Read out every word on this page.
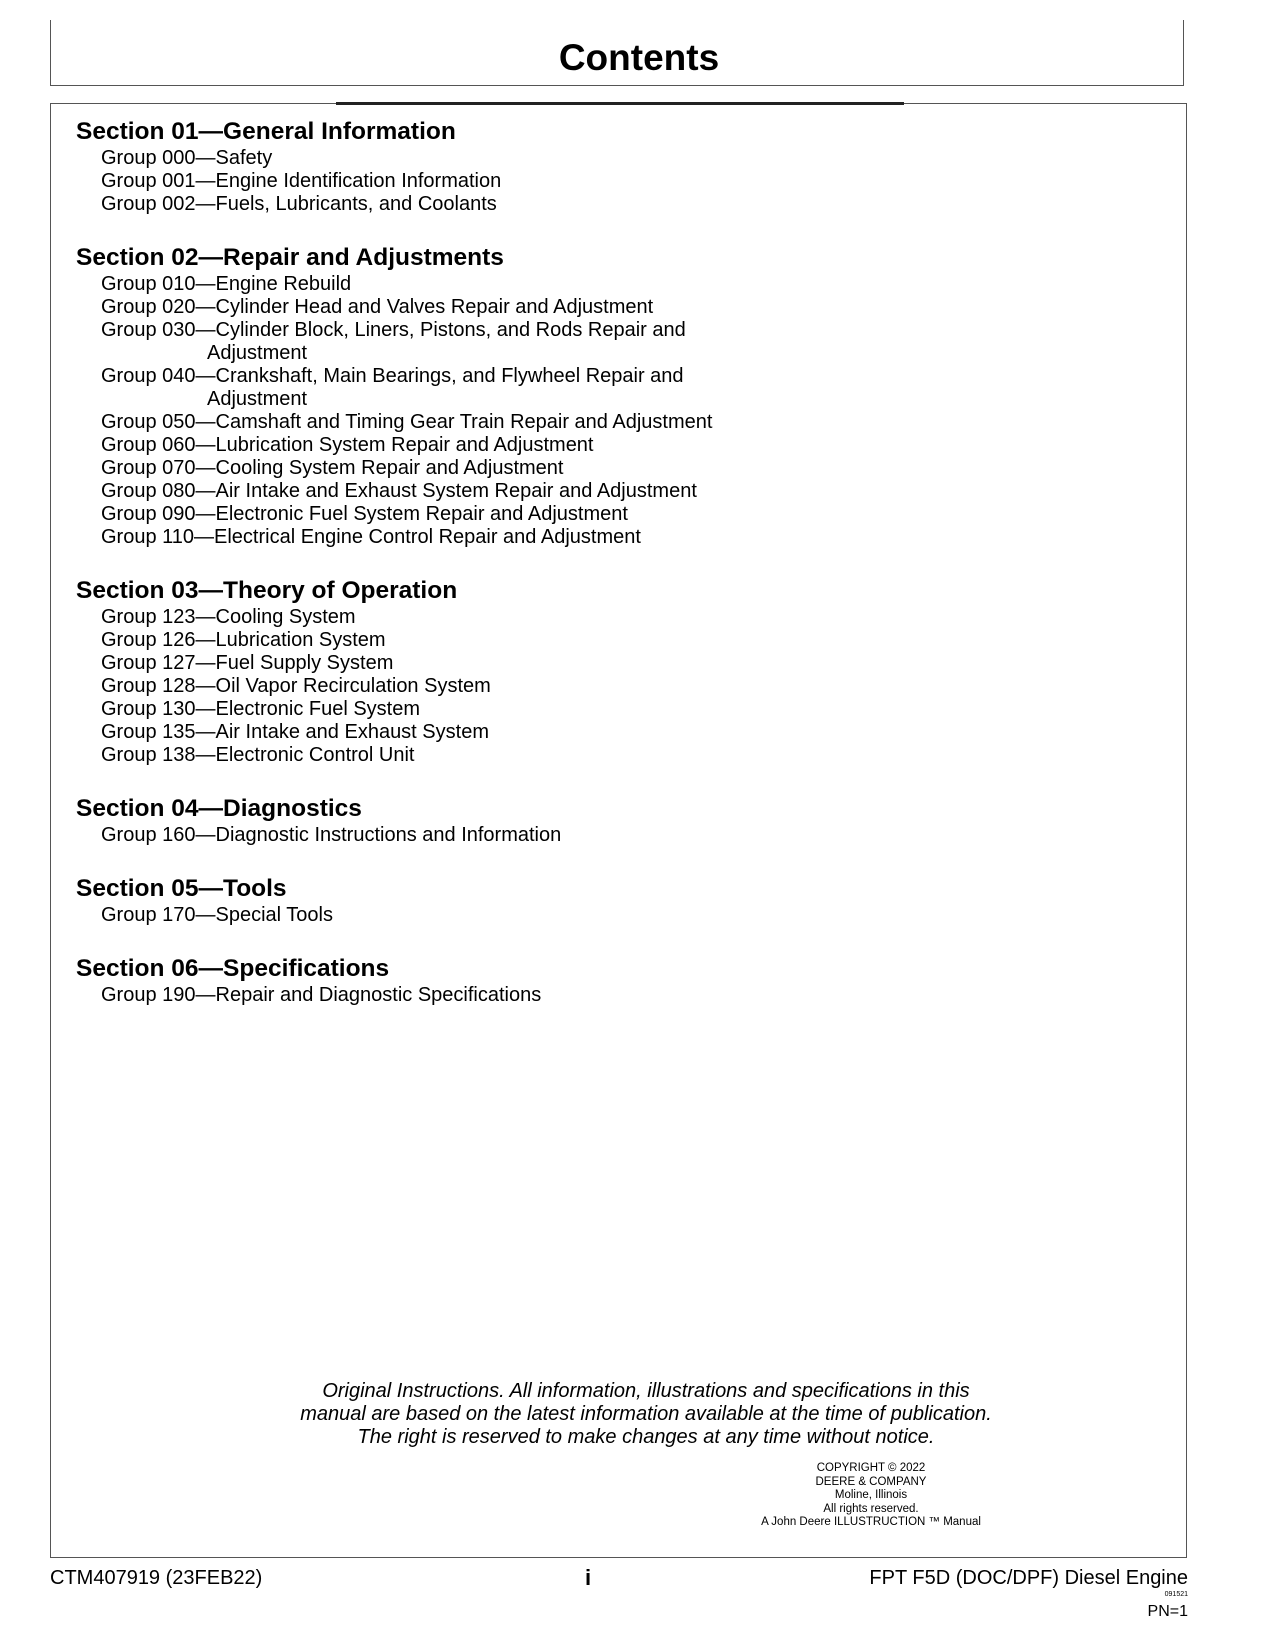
Contents
Section 01—General Information
Group 000—Safety
Group 001—Engine Identification Information
Group 002—Fuels, Lubricants, and Coolants
Section 02—Repair and Adjustments
Group 010—Engine Rebuild
Group 020—Cylinder Head and Valves Repair and Adjustment
Group 030—Cylinder Block, Liners, Pistons, and Rods Repair and Adjustment
Group 040—Crankshaft, Main Bearings, and Flywheel Repair and Adjustment
Group 050—Camshaft and Timing Gear Train Repair and Adjustment
Group 060—Lubrication System Repair and Adjustment
Group 070—Cooling System Repair and Adjustment
Group 080—Air Intake and Exhaust System Repair and Adjustment
Group 090—Electronic Fuel System Repair and Adjustment
Group 110—Electrical Engine Control Repair and Adjustment
Section 03—Theory of Operation
Group 123—Cooling System
Group 126—Lubrication System
Group 127—Fuel Supply System
Group 128—Oil Vapor Recirculation System
Group 130—Electronic Fuel System
Group 135—Air Intake and Exhaust System
Group 138—Electronic Control Unit
Section 04—Diagnostics
Group 160—Diagnostic Instructions and Information
Section 05—Tools
Group 170—Special Tools
Section 06—Specifications
Group 190—Repair and Diagnostic Specifications
Original Instructions. All information, illustrations and specifications in this
manual are based on the latest information available at the time of publication.
The right is reserved to make changes at any time without notice.
COPYRIGHT © 2022
DEERE & COMPANY
Moline, Illinois
All rights reserved.
A John Deere ILLUSTRUCTION ™ Manual
CTM407919 (23FEB22)	i	FPT F5D (DOC/DPF) Diesel Engine
091521
PN=1
